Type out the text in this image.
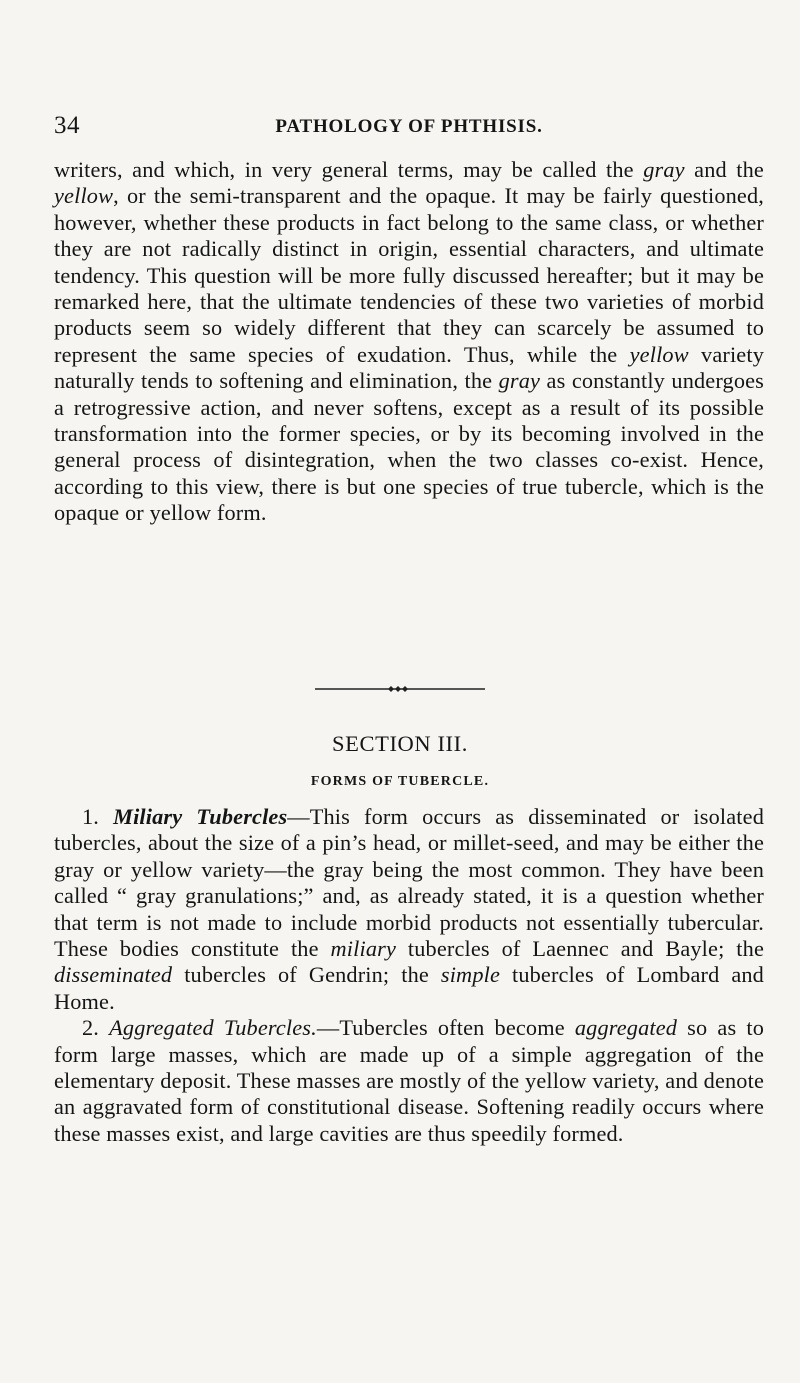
34	PATHOLOGY OF PHTHISIS.

writers, and which, in very general terms, may be called the gray and the yellow, or the semi-transparent and the opaque. It may be fairly questioned, however, whether these products in fact belong to the same class, or whether they are not radically distinct in origin, essential characters, and ultimate tendency. This question will be more fully discussed hereafter; but it may be remarked here, that the ultimate tendencies of these two varieties of morbid products seem so widely different that they can scarcely be assumed to represent the same species of exudation. Thus, while the yellow variety naturally tends to softening and elimination, the gray as constantly undergoes a retrogressive action, and never softens, except as a result of its possible transformation into the former species, or by its becoming involved in the general process of disintegration, when the two classes co-exist. Hence, according to this view, there is but one species of true tubercle, which is the opaque or yellow form.

SECTION III.
FORMS OF TUBERCLE.

1. Miliary Tubercles—This form occurs as disseminated or isolated tubercles, about the size of a pin’s head, or millet-seed, and may be either the gray or yellow variety—the gray being the most common. They have been called “ gray granulations;” and, as already stated, it is a question whether that term is not made to include morbid products not essentially tubercular. These bodies constitute the miliary tubercles of Laennec and Bayle; the disseminated tubercles of Gendrin; the simple tubercles of Lombard and Home.

2. Aggregated Tubercles.—Tubercles often become aggregated so as to form large masses, which are made up of a simple aggregation of the elementary deposit. These masses are mostly of the yellow variety, and denote an aggravated form of constitutional disease. Softening readily occurs where these masses exist, and large cavities are thus speedily formed.
